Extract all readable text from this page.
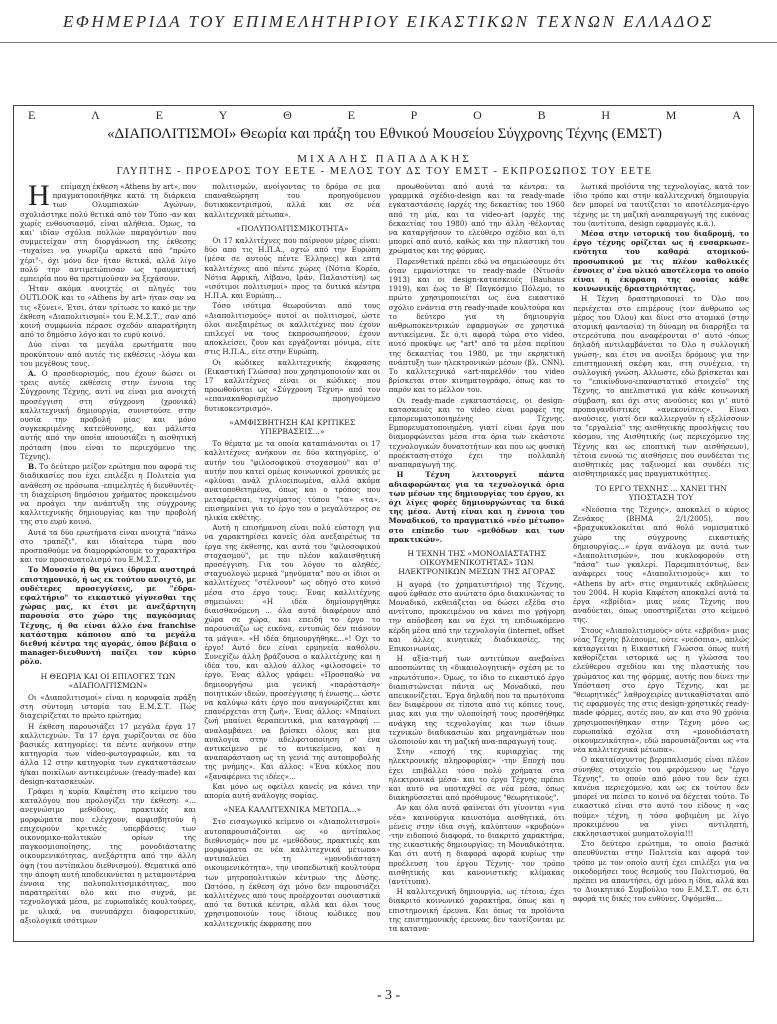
ΕΦΗΜΕΡΙΔΑ ΤΟΥ ΕΠΙΜΕΛΗΤΗΡΙΟΥ ΕΙΚΑΣΤΙΚΩΝ ΤΕΧΝΩΝ ΕΛΛΑΔΟΣ
Ε	Λ	Ε	Υ	Θ	Ε	Ρ	Ο	Β	Η	Μ	Α
«ΔΙΑΠΟΛΙΤΙΣΜΟΙ» Θεωρία και πράξη του Εθνικού Μουσείου Σύγχρονης Τέχνης (ΕΜΣΤ)
ΜΙΧΑΛΗΣ ΠΑΠΑΔΑΚΗΣ
ΓΛΥΠΤΗΣ - ΠΡΟΕΔΡΟΣ ΤΟΥ ΕΕΤΕ - ΜΕΛΟΣ ΤΟΥ ΔΣ ΤΟΥ ΕΜΣΤ - ΕΚΠΡΟΣΩΠΟΣ ΤΟΥ ΕΕΤΕ

Η επίμαχη έκθεση «Athens by art», που πραγματοποιήθηκε κατά τη διάρκεια των Ολυμπιακών Αγώνων, σχολιάστηκε πολύ θετικά από τον Τύπο -αν και χωρίς ενθουσιασμό, είναι αλήθεια. Όμως, τα και' ιδίαν σχόλια πολλών παραγόντων που συμμετείχαν στη διοργάνωση της έκθεσης -τυχαίνει να γνωρίζω αρκετά από "πρώτο χέρι"-, όχι μόνο δεν ήταν θετικά, αλλά λίγο πολύ την αντιμετώπισαν ως τραυματική εμπειρία που θα προτιμούσαν να ξεχάσουν.

Ήταν ακόμα ανοιχτές οι πληγές του OUTLOOK και το «Athens by art» ήταν σαν να τις «ξύνει». Έτσι, όταν τρίτωσε το κακό με την έκθεση «Διαπολιτισμοί» του Ε.Μ.Σ.Τ., σαν από κοινή συμφωνία πέρασε σχεδόν απαρατήρητη από το δημόσιο λόγο και το ευρύ κοινό.

Δύο είναι τα μεγάλα ερωτήματα που προκύπτουν από αυτές τις εκθέσεις -λόγω και του μεγέθους τους.

Α. Ο προσδιορισμός, που έχουν δώσει οι τρεις αυτές εκθέσεις στην έννοια της Σύγχρονης Τέχνης, αντί να είναι μια ανοιχτή προσέγγιση στη σύγχρονη (χρονικά) καλλιτεχνική δημιουργία, συνιστούσε στην ουσία την προβολή μίας και μόνο συγκεκριμένης κατεύθυνσης, και μάλιστα αυτής από την οποία απουσιάζει η αισθητική πρόταση (που είναι το περιεχόμενο της Τέχνης).

Β. Το δεύτερο μείζον ερώτημα που αφορά τις διαδικασίες που έχει επιλέξει η Πολιτεία για ανάθεση σε πρόσωπα -επιμελητές ή διευθυντές- τη διαχείριση δημόσιου χρήματος προκειμένου να προάγει την ανάπτυξη της σύγχρονης καλλιτεχνικής δημιουργίας και την προβολή της στο ευρύ κοινό.

Αυτά τα δύο ερωτήματα είναι ανοιχτά "πάνω στο τραπέζι", και ιδιαίτερα τώρα που προσπαθούμε να διαμορφώσουμε το χαρακτήρα και τον προσανατολισμό του Ε.Μ.Σ.Τ.

Το Μουσείο ή θα γίνει ίδρυμα αυστηρά επιστημονικό, ή ως εκ τούτου ανοιχτό, με ουδέτερες προσεγγίσεις, με "έδρα-εφαλτήριο" το εικαστικό γίγνεσθαι της χώρας μας, κι έτσι με ανεξάρτητη παρουσία στο χώρο της παγκόσμιας Τέχνης, ή θα είναι άλλο ένα franchise κατάστημα κάποιου από τα μεγάλα διεθνή κέντρα της αγοράς, όπου βέβαια ο manager-διευθυντή παίζει τον κύριο ρόλο.

Η ΘΕΩΡΙΑ ΚΑΙ ΟΙ ΕΠΙΛΟΓΕΣ ΤΩΝ «ΔΙΑΠΟΛΙΤΙΣΜΩΝ»

Οι «Διαπολιτισμοί» είναι η κορυφαία πράξη στη σύντομη ιστορία του Ε.Μ.Σ.Τ. Πώς διαχειρίζεται το πρώτο ερώτημα;

Η έκθεση παρουσιάζει 17 μεγάλα έργα 17 καλλιτεχνών. Τα 17 έργα χωρίζονται σε δύο βασικές κατηγορίες: τα πέντε ανήκουν στην κατηγορία των video-φωτογραφιών, και τα άλλα 12 στην κατηγορία των εγκαταστάσεων ή/και ποικίλων αντικειμένων (ready-made) και design-κατασκευών.

Γράφει η κυρία Καφέτση στο κείμενο του καταλόγου που προλογίζει την έκθεση: «... ανεγνώσιμο μεθόδους, πρακτικές και μορφώματα που ελέγχουν, αμφισβητούν ή επιχειρούν κριτικές υπερβάσεις των οικονομικο-πολιτικών ορίων της παγκοσμιοποίησης, της μονοδιάστατης οικουμενικότητας, ανεξάρτητα από την άλλη όψη (του αντίπαλου διεθνισμού). Θεματικά από την άποψη αυτή αποδεικνύεται η μεταμοντέρνα έννοια της πολυπολιτισμικότητας, που παρατηρείται ολο και πιο συχνά, με τεχνολογικά μέσα, με ευρωπαϊκές κουλτούρες, με υλικά, να συνυπάρχει διαφορετικών, αξιολογικά ισότιμων

πολιτισμών, ανοίγοντας το δρόμο σε μια επαναθεώρηση του προηγούμενου δυτικοκεντρισμού, αλλά και σε νέα καλλιτεχνικά μέτωπα».

«ΠΟΛΥΠΟΛΙΤΙΣΜΙΚΟΤΗΤΑ»

Οι 17 καλλιτέχνες που παίρνουν μέρος είναι: δύο από τις Η.Π.Α., οχτώ από την Ευρώπη (μέσα σε αυτούς πέντε Έλληνες) και επτά καλλιτέχνες από πέντε χώρες (Νότια Κορέα, Νότια Αφρική, Λίβανο, Ιράν, Παλαιστίνη) ως «ισότιμοι πολιτισμοί» προς τα δυτικά κέντρα Η.Π.Α. και Ευρώπη...

Τόσο ισότιμα θεωρούνται από τους «Διαπολιτισμούς» αυτοί οι πολιτισμοί, ώστε όλοι ανεξαιρέτως οι καλλιτέχνες που έχουν επιλεγεί να τους εκπροσωπήσουν, έχουν αποκλείσει, ζουν και εργάζονται μόνιμα, είτε στις Η.Π.Α., είτε στην Ευρώπη.

Οι κώδικες καλλιτεχνικής έκφρασης (Εικαστική Γλώσσα) που χρησιμοποιούν και οι 17 καλλιτέχνες είναι οι κώδικες που προωθούνται ως «Σύγχρονη Τέχνη» από τον «επανακαθορισμένο προηγούμενο δυτικοκεντρισμό».

«ΑΜΦΙΣΒΗΤΗΣΗ ΚΑΙ ΚΡΙΤΙΚΕΣ ΥΠΕΡΒΑΣΕΙΣ...»

Το θέματα με τα οποία καταπιάνονται οι 17 καλλιτέχνες ανήκουν σε δύο κατηγορίες, ο' αυτήν του "φιλοσοφικού στοχασμού" και σ' αυτήν που κατεί ομέως κοινωνικοί χρονικές με «φλύναι ανάλ χιλιοειπωμένα, αλλά ακόμα ανατοποθετημένα, όπως και ο τρόπος που μεταφέρεται, τεχνίματος τύπου "τα» «τα», επισημαίνει για το έργο του ο μεγαλύτερος σε ηλικία εκθέτης.

Αυτή η επισήμανση είναι πολύ εύστοχη για να χαρακτηρίσει κανείς όλα ανεξαιρέτως τα έργα της έκθεσης, και αυτά του "φιλοσοφικού στοχασμού", με την πλέον καλαισθητική προσέγγιση. Για του λόγου το αληθές, σταχυολογώ μερικά "μηνύματα" που οι ίδιοι οι καλλιτέχνες "στέλνουν" ως οδηγό στο κοινό μέσα στο έργο τους: Ένας καλλιτέχνης σημειώνει: «Η ιδέα δημίουργηθηκε διαισθανόμενη ... όλα αυτά διαφέρουν από χώρα σε χώρα, και επειδή το έργο το παρουσιάζω ως εικόνα, εντυπώς δεν πιάνουν τα μάγια». «Η ιδέα δημιουργήθηκε...»! Όχι το έργο! Αυτό δεν είναι ερμηνεία καθόλου. Συνεχίζω άλλη βράζουσα ο καλλιτέχνης και η ιδέα του, και αλλού άλλος «φιλοσοφεί» το έργο. Ένας άλλος γράφει: «Προσπαθώ να δημιουργήσω μια γενική «παράσταση» ποιητικών ιδεών, προσέγγισης ή ένωσης... ώστε να καλύψω κάτι έργο που αναγνωρίζεται και επανέρχεται στη ζωή». Ένας άλλος: «Μπαίνει ζωή μπαίνει θεραπευτικά, μια καταγραφή ... αναλαμβάνει να βρίσκει όλους και μια αναλογία στην αδελφοτοποίηση σ' ένα αντικείμενο με το αντικείμενο, και η αναπαράσταση ως τη γενιά της αυτοπροβολής της μνήμης». Και άλλος: «Ένα κύκλος που «ξαναφέρνει τις ιδέες»...

Και μόνο ως οφείλει κανείς να κάνει την απορία αυτή ανάλογης σοφίας.

«ΝΕΑ ΚΑΛΛΙΤΕΧΝΙΚΑ ΜΕΤΩΠΑ...»

Στο εισαγωγικό κείμενο οι «Διαπολιτισμοί» αυτοπαρουσιάζονται ως «ο αντίπαλος διεθνισμός» που με «μεθόδους, πρακτικές και μορφώματα σε νέα καλλιτεχνικά μέτωπα» αντιπαλεύει τη «μονοδιάστατη οικουμενικότητα», την ισοπεδωτική κουλτούρα των μητροπολιτικών κέντρων της Δύσης. Ωστόσο, η έκθεση όχι μόνο δεν παρουσιάζει καλλιτέχνες από τους προέρχονται ουσιαστικά από τα δυτικά κέντρα, αλλά και όλοι τους χρησιμοποιούν τους ίδιους κώδικες που καλλιτεχνικής έκφρασης που

προωθούνται από αυτά τα κέντρα: τα γραμμικά σχέδιο-design και τα ready-made εγκαταστάσεις (αρχές της δεκαετίας του 1960 από τη μία, και τα video-art (αρχές της δεκαετίας του 1980) από την άλλη -θέλοντας να καταργήσουν το ελεύθερο σχέδιο και ό,τι μπορεί από αυτό, καθώς και την πλαστική του χρώματος και της φόρμας.

Παρενθετικά πρέπει εδώ να σημειώσουμε ότι όταν εμφανίστηκε το ready-made (Ντυσάν 1913) και οι design-κατασκευές (Bauhaus 1919), και έως το Β' Παγκόσμιο Πόλεμο, το πρώτο χρησιμοποιείται ως ένα εικαστικό σχόλιο ενάντια στη ready-made κουλτούρα και το δεύτερο για τη δημιουργία ανθρωποκεντρικών εφαρμογών σε χρηστικά αντικείμενα. Σε ό,τι αφορά τώρα στο video, αυτό προκύψε ως "art" από τα μέσα περίπου της δεκαετίας του 1980, με την εκρηκτική ανάπτυξη των ηλεκτρονικών μέσων (βλ. CNN). Το καλλιτεχνικό «art-παρελθόν του video βρίσκεται στον κινηματογράφο, όπως και το παρόν και το μέλλον του.

Οι ready-made εγκαταστάσεις, οι design-κατασκευές και το video είναι μορφές της εμπορευματοποιημένης Τέχνης. Εμπορευματοποιημένη, γιατί είναι έργα που διαμορφώνεται μέσα στα όρια των εκάστοτε τεχνολογικών δυνατοτήτων και που ως φυσική προέκταση-στόχο έχει την πολλαπλή αναπαραγωγή της.

Η Τέχνη λειτουργεί πάντα αδιαφορώντας για τα τεχνολογικά όρια των μέσων της δημιουργίας του έργου, κι όχι λίγες φορές δημιουργώντας τα δικά της μέσα. Αυτή είναι και η έννοια του Μοναδικού, το πραγματικό «νέο μέτωπο» στο επίπεδο των «μεθόδων και των πρακτικών».

Η ΤΕΧΝΗ ΤΗΣ «ΜΟΝΟΔΙΑΣΤΑΤΗΣ ΟΙΚΟΥΜΕΝΙΚΟΤΗΤΑΣ» ΤΩΝ ΗΛΕΚΤΡΟΝΙΚΩΝ ΜΕΣΩΝ ΤΗΣ ΑΓΟΡΑΣ

Η αγορά (το χρηματιστήριο) της Τέχνης, αφού έφθασε στο ανώτατο όριο διακινώντας το Μοναδικό, εκθειάζεται να δώσει εξέδα στο αντίτυπο, προκειμένου να κάνει πιο γρήγορη την απόσβεση και να έχει τη επιδιωκόμενο κέρδη μέσα από την τεχνολογία (internet, offset και άλλες κινητικές διαδικασίες, της Επικοινωνίας.

Η αξία-τιμή των αντιτύπων ανεβαίνει αποσπώντας τη «δικαιολογητική» σχέση με το «πρωτότυπο». Όμως, το ίδιο το εικαστικό έργο διαπιστώνεται πάντα ως Μοναδικό, που απεικονίζεται. Έργα δηλαδή που τα πρωτότυπα δεν διαφέρουν σε τίποτα από τις κόπιες τους, μιας και για την υλοποίησή τους προσθήθηκε ανάγκη της τεχνολογίας και των ίδιων τεχνικών διαδικασιών και μηχανημάτων που υλοποιούν και τη μαζική ανα-παραγωγή τους.

Στην «εποχή της κυριαρχίας της ηλεκτρονικής πληροφορίας» -την Εποχή που έχει επιβάλλει τόσο πολύ χρήματα στα ηλεκτρονικά μέσα- και το έργο Τέχνης πρέπει και αυτό να υποταχθεί σε νέα μέσα, όπως διακηρύσσεται από πρόθυμους "θεωρητικούς".

Αν και όλα αυτά φαίνεται ότι γίνονται «για νέα» καινούργια καινοτόμα αισθητικά, ότι μένεις στην ίδια σιγή, καλύπτουν «κρυβούν» -την ειδοποιό διαφορά, το διακριτό χαρακτήρα, της εικαστικής δημιουργίας: τη Μοναδικότητα. Και ότι αυτή η διαφορά αφορά κυρίως την προέλευση του έργου Τέχνης- τον τρόπο αισθητικής και κανονιστικής κλίμακας (αντίτυπα).

Η καλλιτεχνική δημιουργία, ως τέτοια, έχει διακριτό κοινωνικό χαρακτήρα, όπως και η επιστημονική έρευνα. Και όπως τα προϊόντα της επιστημονικής έρευνας δεν ταυτίζονται με τα κατανα-

λωτικά προϊόντα της τεχνολογίας, κατά τον ίδιο τρόπο και στην καλλιτεχνική δημιουργία δεν μπορεί να ταυτίζεται το αποτέλεσμα-έργο τέχνης με τη μαζική αναπαραγωγή της εικόνας του (αντίτυπα, design εφαρμογές κ.ά.).

Μέσα στην ιστορική του διαδρομή, το έργο τέχνης ορίζεται ως ή ενσαρκωσε-ενότητα του καθαρά ατομικού-προσωπικού με τις πλέον καθολικές έννοιες σ' ένα υλικό αποτέλεσμα το οποίο είναι η έκφραση της ουσίας κάθε κοινωνικής δραστηριότητας.

Η Τέχνη δραστηριοποιεί το Όλο που περιέχεται στο επιμέρους (τον άνθρωπο ως μέρος του Όλου) και δίνει στο ατομικό (στην ατομική φαντασία) τη δύναμη να διαρρήξει τα στερεότυπα που αναφέρονται σ' αυτό -όπως δηλαδή αντιλαμβάνεται το Όλο η συλλογική γνώση-, και έτσι να ανοίξει δρόμους για την επιστημονική σκέψη και, στη συνέχεια, τη συλλογική γνώση. Αλλωστε, εδώ βρίσκεται και το "επικίνδυνο-επαναστατικό στοιχείο" της Τέχνης, το απελπιστικό για κάθε κοινωνική σύμβαση, και όχι στις ανούσιες και γι' αυτό προπαγανδιστικές «ανεκονίσεις». Είναι ανούσιες, γιατί δεν καλλιεργούν ή εξελίσσουν τα "εργαλεία" της αισθητικής προσλήψεις του κόσμου, της Αισθητικής (ως περιεχόμενο της Τέχνης και ως εποπτική των αισθήσεων), τέτοια εννοώ τις αισθήσεις που συνδέεται τις αισθητικές μας ταξινομεί και συνδέει τις αισθητηριακές μας πραγματικότητες.

ΤΟ ΕΡΓΟ ΤΕΧΝΗΣ ... ΧΑΝΕΙ ΤΗΝ ΥΠΟΣΤΑΣΗ ΤΟΥ

«Νεόσπια της Τέχνης», αποκαλεί ο κύριος Ζενάκος (ΒΗΜΑ 2/1/2005), που «βραχυκυκλοκείται από θολό νομισματικό χώρο της σύγχρονης εικαστικής δημιουργίας...» έργα ανάλογα με αυτά των «Διαπολιτισμών», που κυκλοφορούν στη "πάσα" των γκαλερί. Παρεμπιπτόντως, δεν ανάφερει τους «Διαπολιτισμούς» και το «Athens by art» στις σημαντικές εκδηλώσεις του 2004. Η κυρία Καφέτση αποκαλεί αυτά τα έργα «εβρίδια» μιας νέας Τέχνης που αναδύεται, όπως υποστηρίζεται στο κείμενό της.

Στους «Διαπολιτισμούς» ούτε «εβρίδια» μιας νέας Τέχνης βλέπουμε, ούτε «νεόσπια», απλώς καταργείται η Εικαστική Γλώσσα όπως αυτή καθορίζεται ιστορικά ως η γλώσσα του ελεύθερου σχεδίου και της πλαστικής του χρώματος και της φόρμας, αυτής που δίνει την Υπόσταση στο έργο Τέχνης, και με "θεωρητικές" λαθροχειρίες αντικαθίσταται από τις εφαρμογές της στις design-χρηστικές ready-made φόρμες, αυτές που, αν και στο 90 χρόνια χρησιμοποιήθηκαν στην Τέχνη μόνο ως ευρωπαϊκά σχόλια στη «μονοδιάστατη οικουμενικότητα», εδώ παρουσιάζονται ως «τα νέα καλλιτεχνικά μέτωπα».

Ο ακαταίσχυντος βερμπαλισμός είναι πλέον σύνηθες στοιχείο του φερόμενου ως "έργο Τέχνης", το οποίο από μόνο του δεν έχει κανένα περιεχόμενο, και ως εκ τούτου δεν μπορεί να πείσει το κοινό να δέχεται τούτο. Το εικαστικό είναι στο αυτό του είδους η «ας πούμε» τέχνη, η τόσο φοβιμένη με λίγο προκειμένου να γίνει αντιληπτή, εκκλησιαστικοί μυηματολογία!!!

Στο δεύτερο ερώτημα, το οποίο βασικά απευθύνεται στην Πολιτεία και αφορά τον τρόπο με τον οποίο αυτή έχει επιλέξει για να οικοδομήσει τους θεσμούς του Πολιτισμού, θα πρέπει να απαντήσει, όχι μόνο η ίδια, αλλά και το Διοικητικό Συμβούλιο του Ε.Μ.Σ.Τ. σε ό,τι αφορά τις δικές του ευθύνες. Όψόμεθα...

- 3 -
